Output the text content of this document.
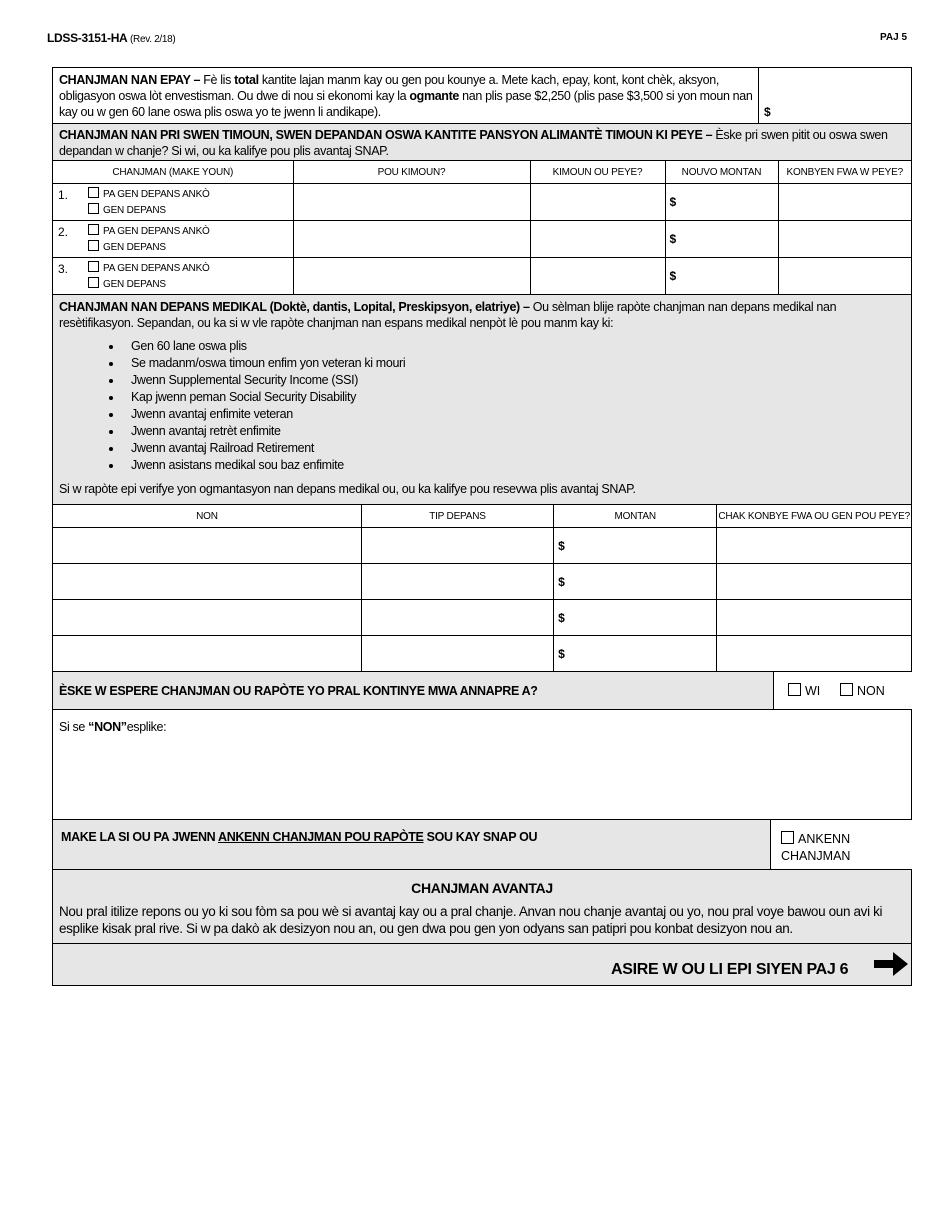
LDSS-3151-HA (Rev. 2/18)	PAJ 5
CHANJMAN NAN EPAY – Fè lis total kantite lajan manm kay ou gen pou kounye a. Mete kach, epay, kont, kont chèk, aksyon, obligasyon oswa lòt envestisman. Ou dwe di nou si ekonomi kay la ogmante nan plis pase $2,250 (plis pase $3,500 si yon moun nan kay ou w gen 60 lane oswa plis oswa yo te jwenn li andikape).	$
CHANJMAN NAN PRI SWEN TIMOUN, SWEN DEPANDAN OSWA KANTITE PANSYON ALIMANTÈ TIMOUN KI PEYE – Èske pri swen pitit ou oswa swen depandan w chanje? Si wi, ou ka kalifye pou plis avantaj SNAP.
CHANJMAN (MAKE YOUN)	POU KIMOUN?	KIMOUN OU PEYE?	NOUVO MONTAN	KONBYEN FWA W PEYE?

1. PA GEN DEPANS ANKÒ
GEN DEPANS			$	

2. PA GEN DEPANS ANKÒ
GEN DEPANS			$	

3. PA GEN DEPANS ANKÒ
GEN DEPANS			$	

CHANJMAN NAN DEPANS MEDIKAL (Doktè, dantis, Lopital, Preskipsyon, elatriye) – Ou sèlman blije rapòte chanjman nan depans medikal nan resètifikasyon. Sepandan, ou ka si w vle rapòte chanjman nan espans medikal nenpòt lè pou manm kay ki:
• Gen 60 lane oswa plis
• Se madanm/oswa timoun enfim yon veteran ki mouri
• Jwenn Supplemental Security Income (SSI)
• Kap jwenn peman Social Security Disability
• Jwenn avantaj enfimite veteran
• Jwenn avantaj retrèt enfimite
• Jwenn avantaj Railroad Retirement
• Jwenn asistans medikal sou baz enfimite
Si w rapòte epi verifye yon ogmantasyon nan depans medikal ou, ou ka kalifye pou resevwa plis avantaj SNAP.
NON	TIP DEPANS	MONTAN	CHAK KONBYE FWA OU GEN POU PEYE?

		$	

		$	

		$	

		$	

ÈSKE W ESPERE CHANJMAN OU RAPÒTE YO PRAL KONTINYE MWA ANNAPRE A?	WI	NON
Si se “NON”esplike:
MAKE LA SI OU PA JWENN ANKENN CHANJMAN POU RAPÒTE SOU KAY SNAP OU	ANKENN
CHANJMAN
CHANJMAN AVANTAJ
Nou pral itilize repons ou yo ki sou fòm sa pou wè si avantaj kay ou a pral chanje. Anvan nou chanje avantaj ou yo, nou pral voye bawou oun avi ki esplike kisak pral rive. Si w pa dakò ak desizyon nou an, ou gen dwa pou gen yon odyans san patipri pou konbat desizyon nou an.
ASIRE W OU LI EPI SIYEN PAJ 6
